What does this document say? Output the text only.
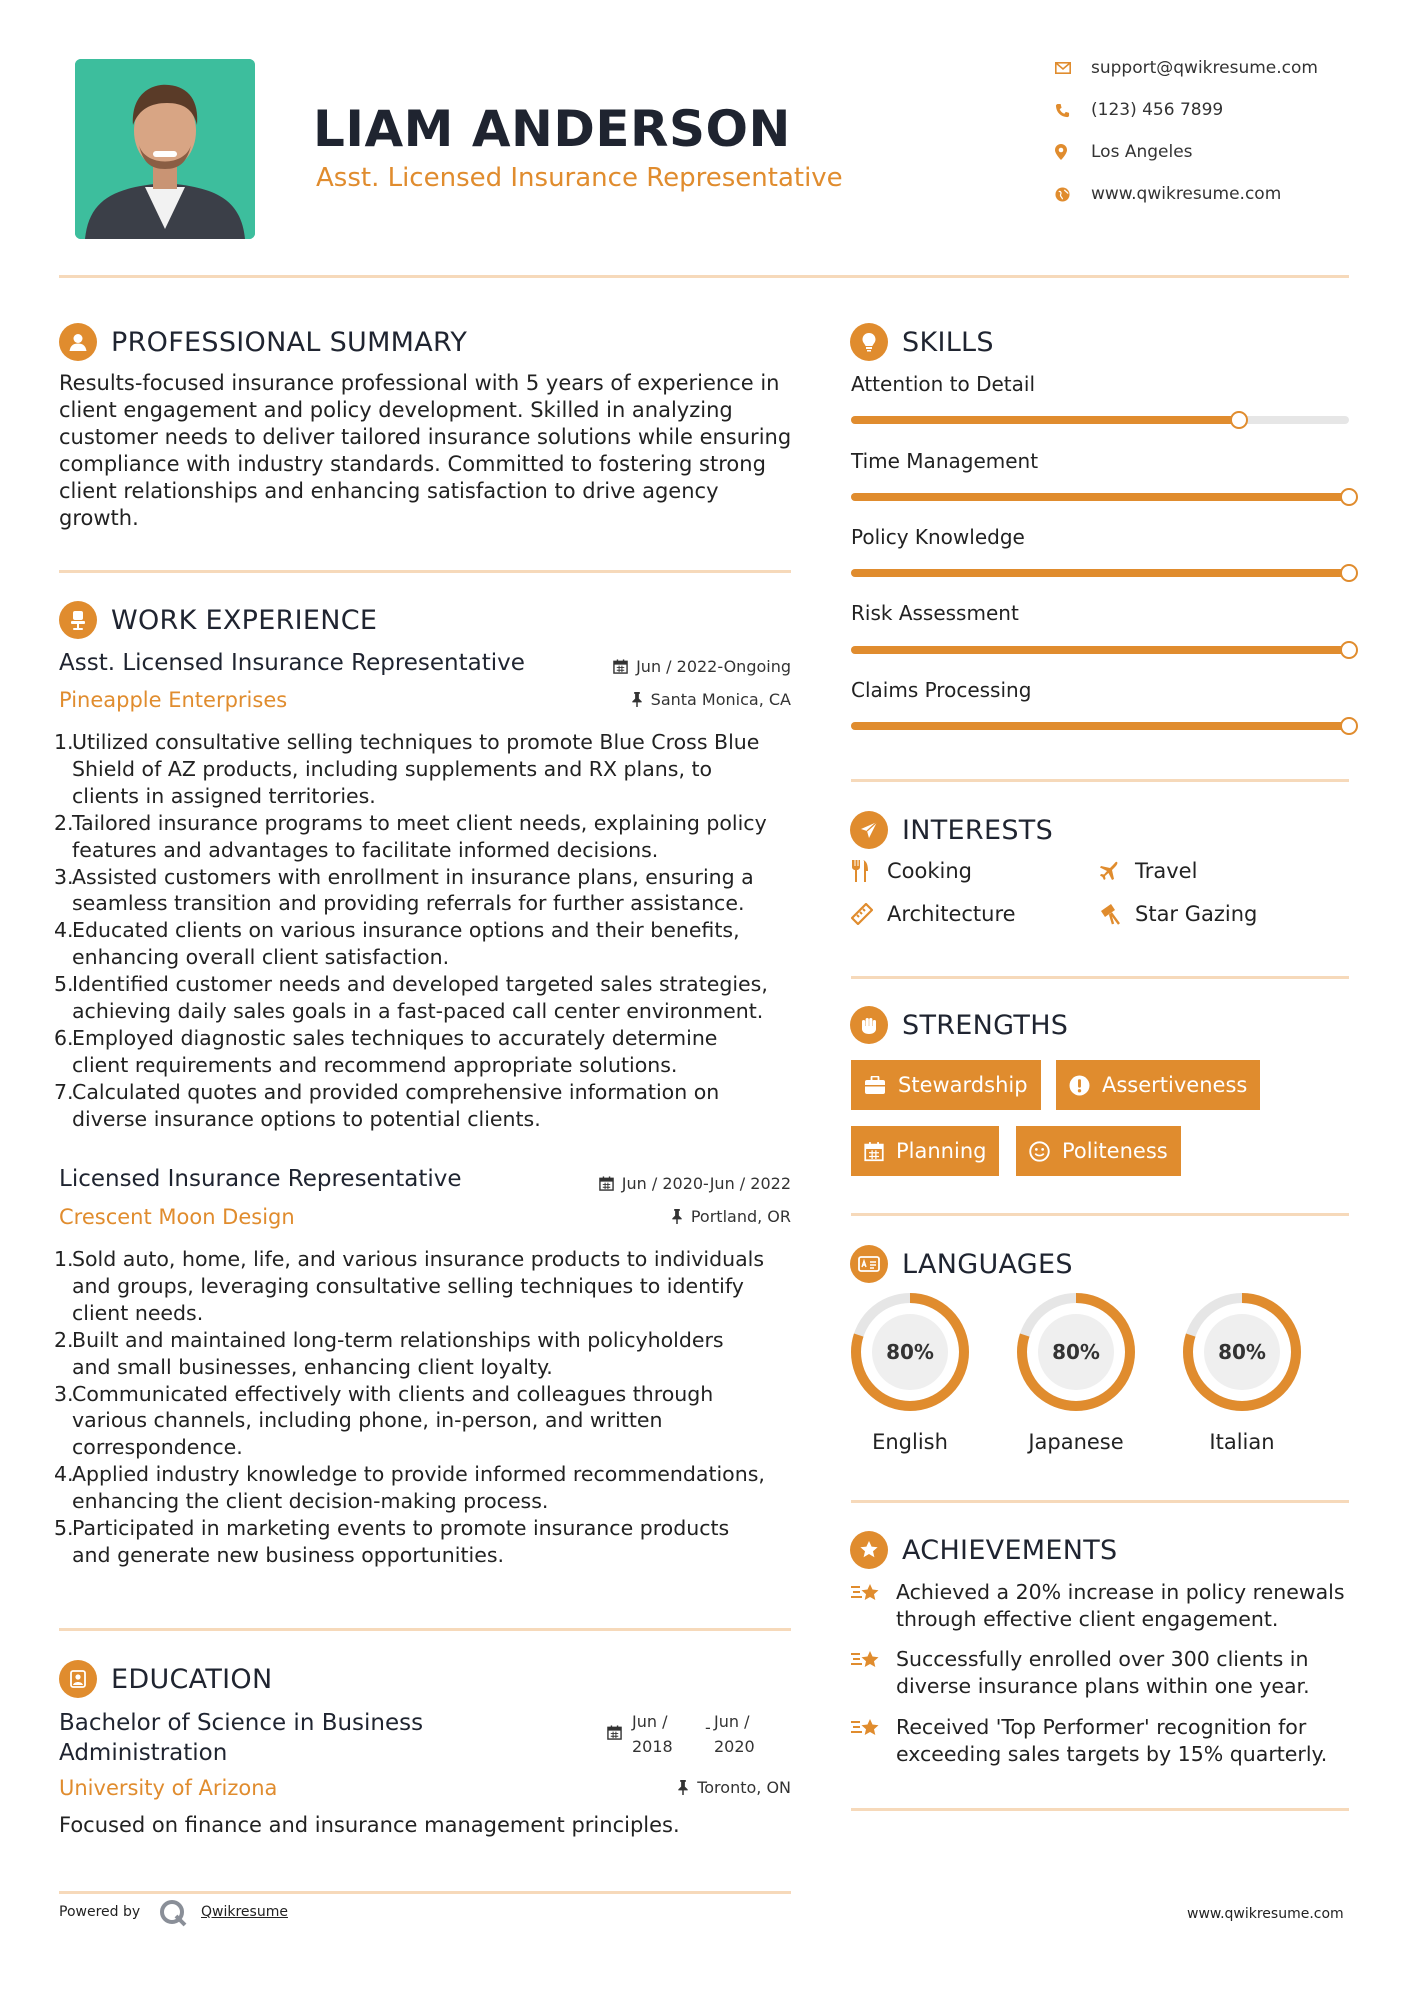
LIAM ANDERSON
Asst. Licensed Insurance Representative
support@qwikresume.com
(123) 456 7899
Los Angeles
www.qwikresume.com
PROFESSIONAL SUMMARY
Results-focused insurance professional with 5 years of experience in
client engagement and policy development. Skilled in analyzing
customer needs to deliver tailored insurance solutions while ensuring
compliance with industry standards. Committed to fostering strong
client relationships and enhancing satisfaction to drive agency
growth.
WORK EXPERIENCE
Asst. Licensed Insurance Representative	Jun / 2022-Ongoing
Pineapple Enterprises	Santa Monica, CA
1.
Utilized consultative selling techniques to promote Blue Cross Blue
Shield of AZ products, including supplements and RX plans, to
clients in assigned territories.
2.
Tailored insurance programs to meet client needs, explaining policy
features and advantages to facilitate informed decisions.
3.
Assisted customers with enrollment in insurance plans, ensuring a
seamless transition and providing referrals for further assistance.
4.
Educated clients on various insurance options and their benefits,
enhancing overall client satisfaction.
5.
Identified customer needs and developed targeted sales strategies,
achieving daily sales goals in a fast-paced call center environment.
6.
Employed diagnostic sales techniques to accurately determine
client requirements and recommend appropriate solutions.
7.
Calculated quotes and provided comprehensive information on
diverse insurance options to potential clients.
Licensed Insurance Representative	Jun / 2020-Jun / 2022
Crescent Moon Design	Portland, OR
1.
Sold auto, home, life, and various insurance products to individuals
and groups, leveraging consultative selling techniques to identify
client needs.
2.
Built and maintained long-term relationships with policyholders
and small businesses, enhancing client loyalty.
3.
Communicated effectively with clients and colleagues through
various channels, including phone, in-person, and written
correspondence.
4.
Applied industry knowledge to provide informed recommendations,
enhancing the client decision-making process.
5.
Participated in marketing events to promote insurance products
and generate new business opportunities.
EDUCATION
Bachelor of Science in Business
Administration
Jun /
2018
- Jun /
2020
University of Arizona	Toronto, ON
Focused on finance and insurance management principles.
SKILLS
Attention to Detail
Time Management
Policy Knowledge
Risk Assessment
Claims Processing
INTERESTS
Cooking	Travel
Architecture	Star Gazing
STRENGTHS
Stewardship	Assertiveness
Planning	Politeness
LANGUAGES
80%
English
80%
Japanese
80%
Italian
ACHIEVEMENTS
Achieved a 20% increase in policy renewals
through effective client engagement.
Successfully enrolled over 300 clients in
diverse insurance plans within one year.
Received 'Top Performer' recognition for
exceeding sales targets by 15% quarterly.
Powered by	Qwikresume	www.qwikresume.com
